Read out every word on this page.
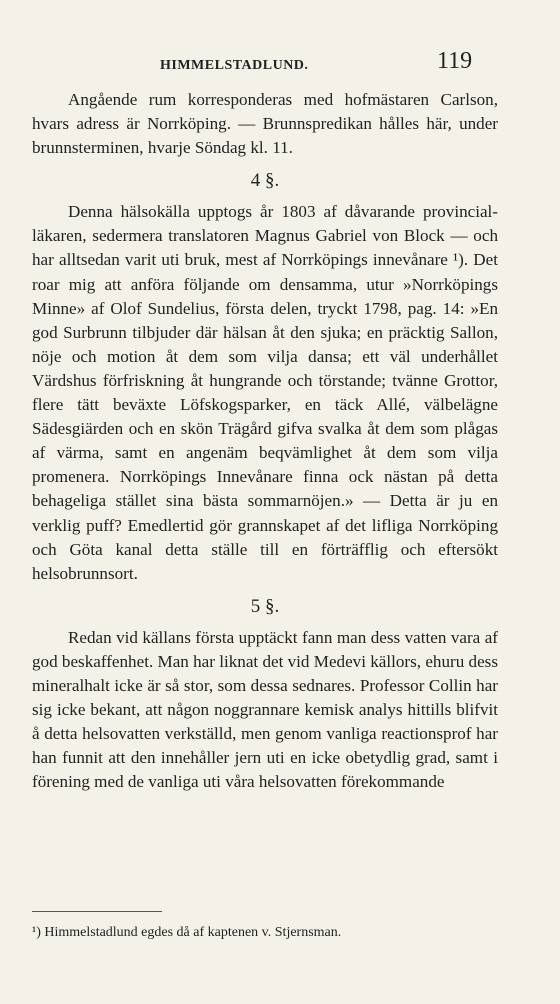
HIMMELSTADLUND.	119

Angående rum korresponderas med hofmästaren Carlson, hvars adress är Norrköping. — Brunnspredikan hålles här, under brunnsterminen, hvarje Söndag kl. 11.

4 §.

Denna hälsokälla upptogs år 1803 af dåvarande provincial-läkaren, sedermera translatoren Magnus Gabriel von Block — och har alltsedan varit uti bruk, mest af Norrköpings innevånare ¹). Det roar mig att anföra följande om densamma, utur »Norrköpings Minne» af Olof Sundelius, första delen, tryckt 1798, pag. 14: »En god Surbrunn tilbjuder där hälsan åt den sjuka; en präcktig Sallon, nöje och motion åt dem som vilja dansa; ett väl underhållet Värdshus förfriskning åt hungrande och törstande; tvänne Grottor, flere tätt beväxte Löfskogsparker, en täck Allé, välbelägne Sädesgiärden och en skön Trägård gifva svalka åt dem som plågas af värma, samt en angenäm beqvämlighet åt dem som vilja promenera. Norrköpings Innevånare finna ock nästan på detta behageliga stället sina bästa sommarnöjen.» — Detta är ju en verklig puff? Emedlertid gör grannskapet af det lifliga Norrköping och Göta kanal detta ställe till en förträfflig och eftersökt helsobrunnsort.

5 §.

Redan vid källans första upptäckt fann man dess vatten vara af god beskaffenhet. Man har liknat det vid Medevi källors, ehuru dess mineralhalt icke är så stor, som dessa sednares. Professor Collin har sig icke bekant, att någon noggrannare kemisk analys hittills blifvit å detta helsovatten verkställd, men genom vanliga reactionsprof har han funnit att den innehåller jern uti en icke obetydlig grad, samt i förening med de vanliga uti våra helsovatten förekommande

¹) Himmelstadlund egdes då af kaptenen v. Stjernsman.
